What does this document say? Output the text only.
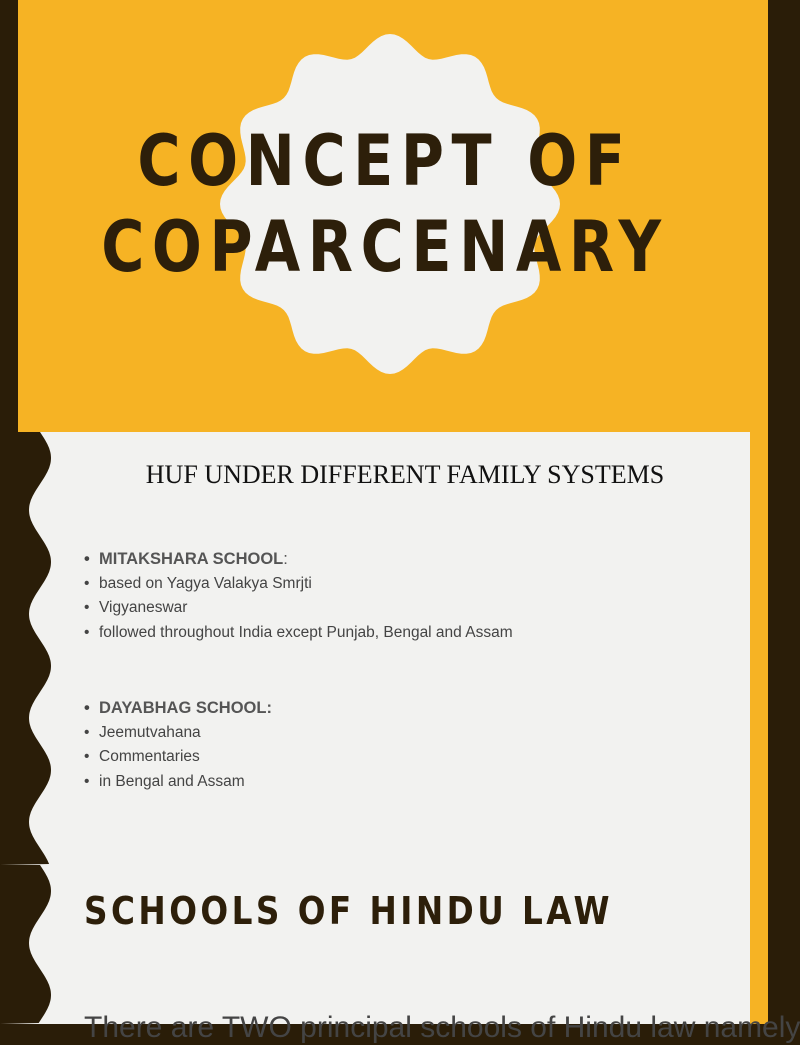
CONCEPT OF
COPARCENARY
HUF UNDER DIFFERENT FAMILY SYSTEMS
• MITAKSHARA SCHOOL:
• based on Yagya Valakya Smrjti
• Vigyaneswar
• followed throughout India except Punjab, Bengal and Assam
• DAYABHAG SCHOOL:
• Jeemutvahana
• Commentaries
• in Bengal and Assam
SCHOOLS OF HINDU LAW
There are TWO principal schools of Hindu law namely
